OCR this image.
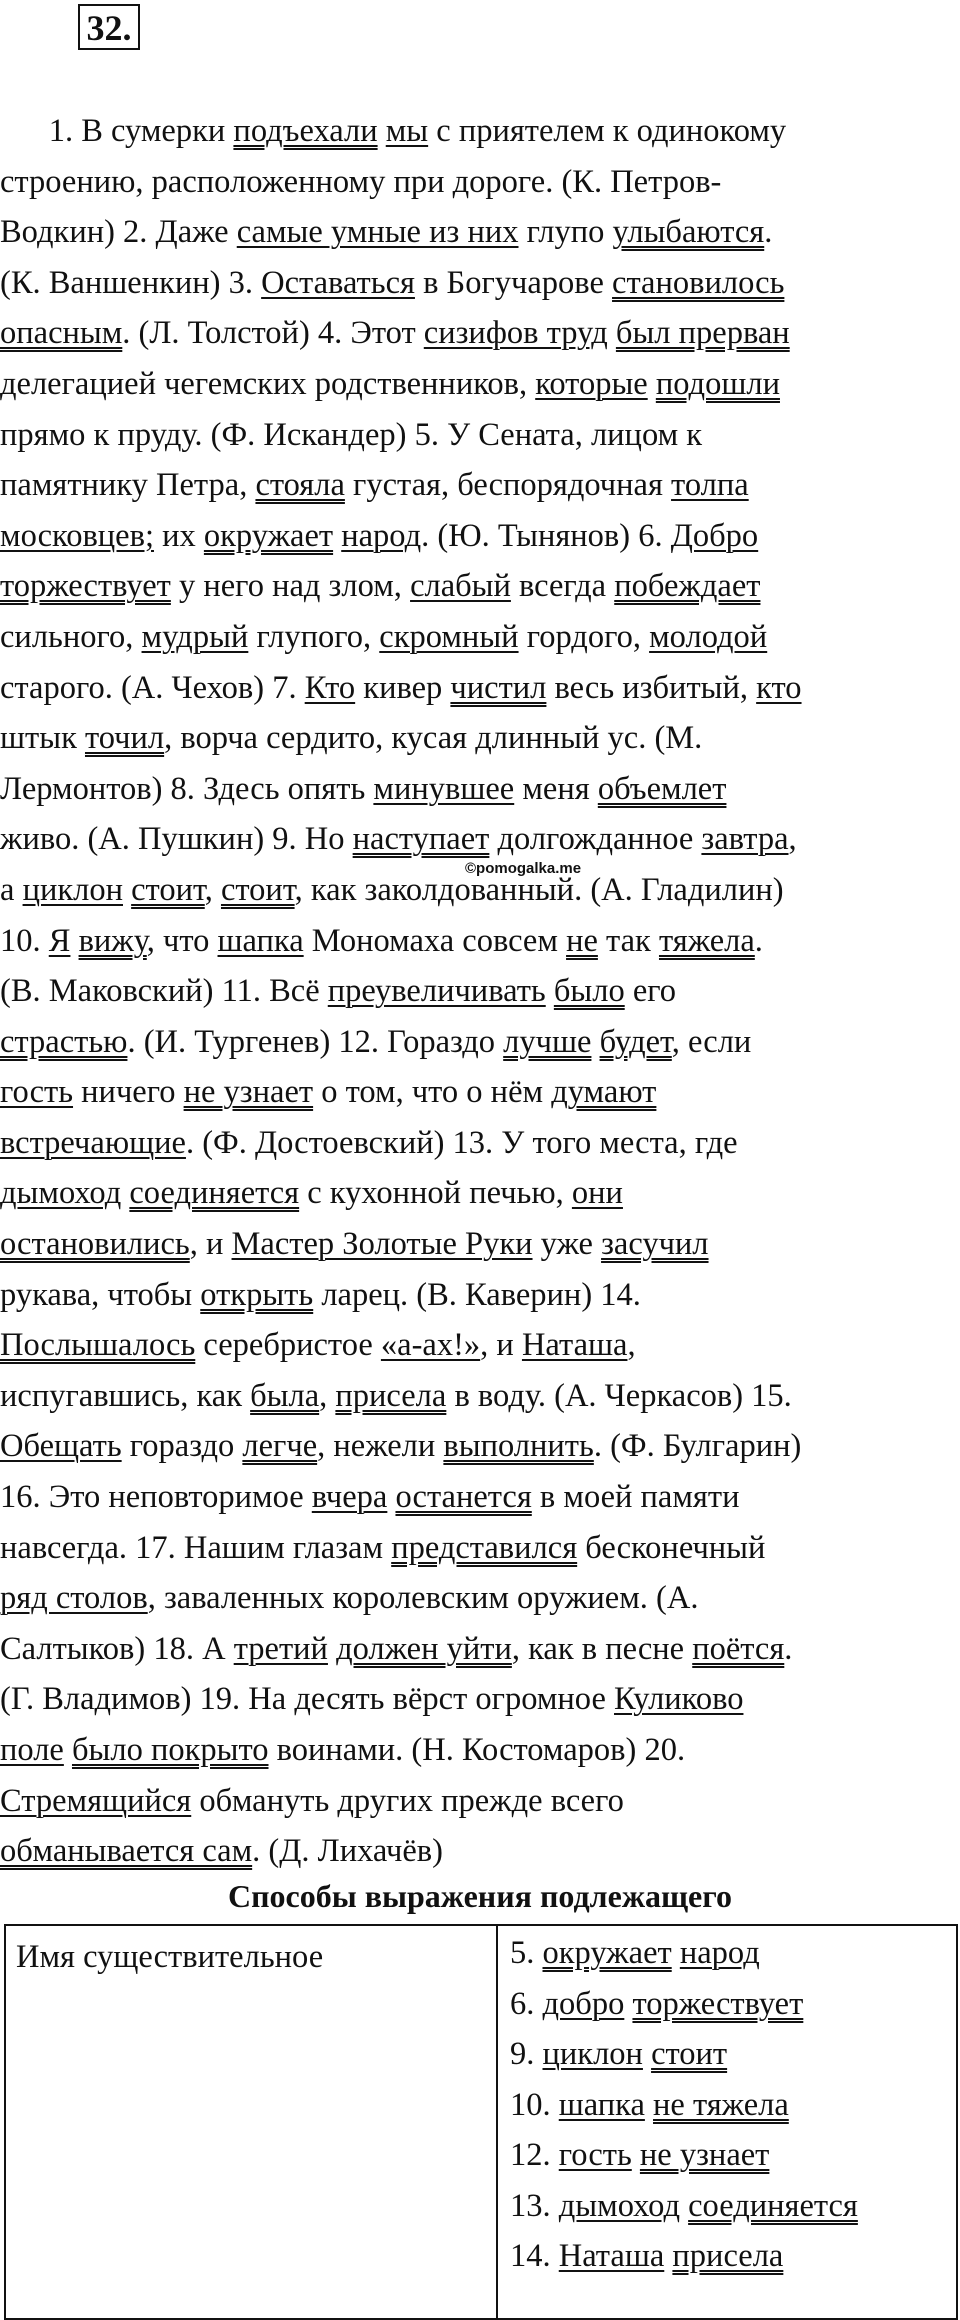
32.
1. В сумерки подъехали мы с приятелем к одинокому
строению, расположенному при дороге. (К. Петров-
Водкин) 2. Даже самые умные из них глупо улыбаются.
(К. Ваншенкин) 3. Оставаться в Богучарове становилось
опасным. (Л. Толстой) 4. Этот сизифов труд был прерван
делегацией чегемских родственников, которые подошли
прямо к пруду. (Ф. Искандер) 5. У Сената, лицом к
памятнику Петра, стояла густая, беспорядочная толпа
московцев; их окружает народ. (Ю. Тынянов) 6. Добро
торжествует у него над злом, слабый всегда побеждает
сильного, мудрый глупого, скромный гордого, молодой
старого. (А. Чехов) 7. Кто кивер чистил весь избитый, кто
штык точил, ворча сердито, кусая длинный ус. (М.
Лермонтов) 8. Здесь опять минувшее меня объемлет
живо. (А. Пушкин) 9. Но наступает долгожданное завтра,
а циклон стоит, стоит, как заколдованный. (А. Гладилин)
10. Я вижу, что шапка Мономаха совсем не так тяжела.
(В. Маковский) 11. Всё преувеличивать было его
страстью. (И. Тургенев) 12. Гораздо лучше будет, если
гость ничего не узнает о том, что о нём думают
встречающие. (Ф. Достоевский) 13. У того места, где
дымоход соединяется с кухонной печью, они
остановились, и Мастер Золотые Руки уже засучил
рукава, чтобы открыть ларец. (В. Каверин) 14.
Послышалось серебристое «а-ах!», и Наташа,
испугавшись, как была, присела в воду. (А. Черкасов) 15.
Обещать гораздо легче, нежели выполнить. (Ф. Булгарин)
16. Это неповторимое вчера останется в моей памяти
навсегда. 17. Нашим глазам представился бесконечный
ряд столов, заваленных королевским оружием. (А.
Салтыков) 18. А третий должен уйти, как в песне поётся.
(Г. Владимов) 19. На десять вёрст огромное Куликово
поле было покрыто воинами. (Н. Костомаров) 20.
Стремящийся обмануть других прежде всего
обманывается сам. (Д. Лихачёв)
©pomogalka.me
Способы выражения подлежащего
Имя существительное	5. окружает народ
6. добро торжествует
9. циклон стоит
10. шапка не тяжела
12. гость не узнает
13. дымоход соединяется
14. Наташа присела
